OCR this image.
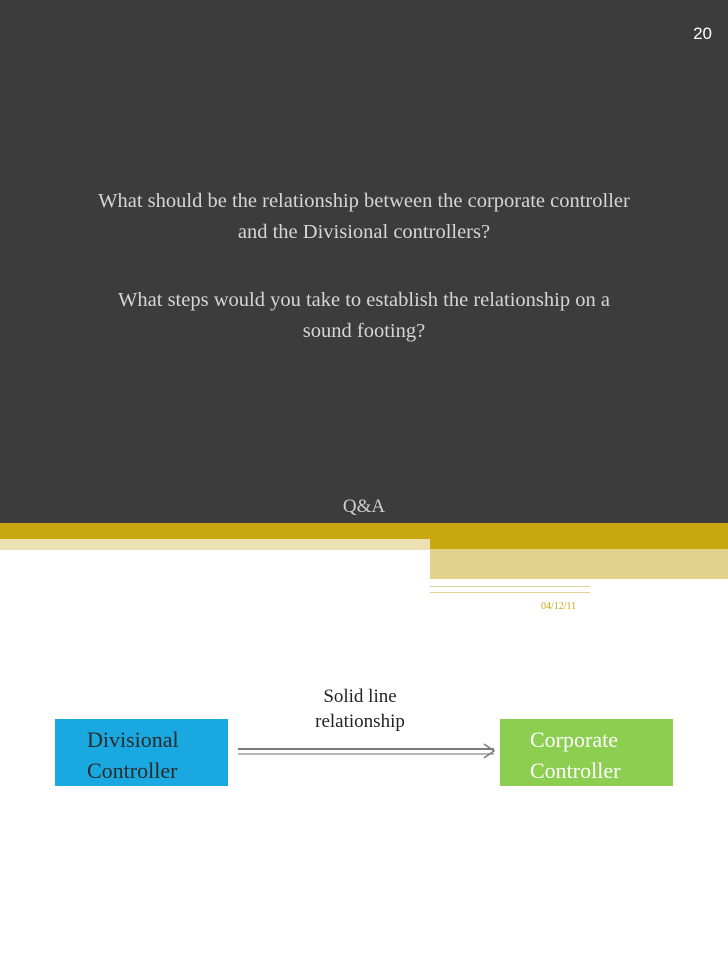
20
What should be the relationship between the corporate controller
and the Divisional controllers?
What steps would you take to establish the relationship on a
sound footing?
Q&A
04/12/11
Divisional
Controller
Solid line
relationship
Corporate
Controller
